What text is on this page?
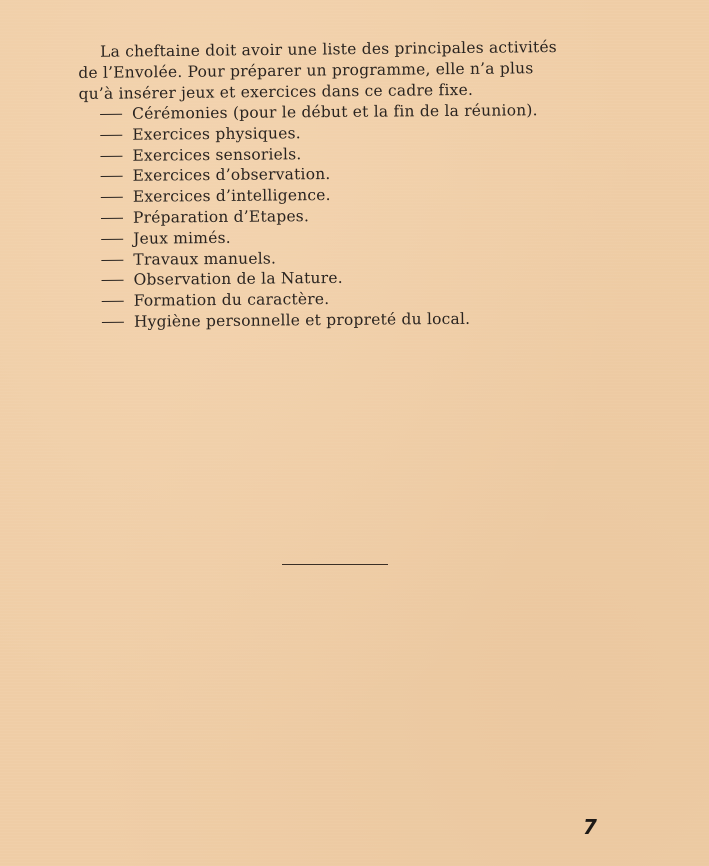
La cheftaine doit avoir une liste des principales activités
de l’Envolée. Pour préparer un programme, elle n’a plus
qu’à insérer jeux et exercices dans ce cadre fixe.
Cérémonies (pour le début et la fin de la réunion).
Exercices physiques.
Exercices sensoriels.
Exercices d’observation.
Exercices d’intelligence.
Préparation d’Etapes.
Jeux mimés.
Travaux manuels.
Observation de la Nature.
Formation du caractère.
Hygiène personnelle et propreté du local.
7
